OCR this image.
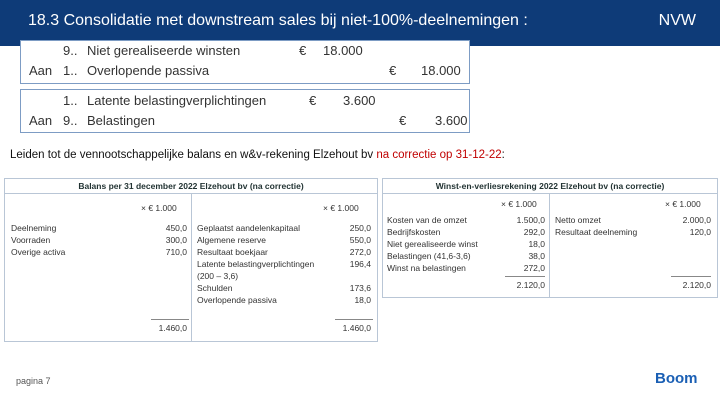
18.3 Consolidatie met downstream sales bij niet-100%-deelnemingen :	NVW
9.. Niet gerealiseerde winsten	€ 18.000
Aan 1.. Overlopende passiva	€ 18.000
1.. Latente belastingverplichtingen	€ 3.600
Aan 9.. Belastingen	€ 3.600
Leiden tot de vennootschappelijke balans en w&v-rekening Elzehout bv na correctie op 31-12-22:
Balans per 31 december 2022 Elzehout bv (na correctie)
× € 1.000	× € 1.000
Deelneming	450,0
Voorraden	300,0
Overige activa	710,0
Geplaatst aandelenkapitaal	250,0
Algemene reserve	550,0
Resultaat boekjaar	272,0
Latente belastingverplichtingen	196,4
(200 – 3,6)
Schulden	173,6
Overlopende passiva	18,0
1.460,0	1.460,0
Winst-en-verliesrekening 2022 Elzehout bv (na correctie)
× € 1.000	× € 1.000
Kosten van de omzet	1.500,0
Bedrijfskosten	292,0
Niet gerealiseerde winst	18,0
Belastingen (41,6-3,6)	38,0
Winst na belastingen	272,0
Netto omzet	2.000,0
Resultaat deelneming	120,0
2.120,0	2.120,0
pagina 7	Boom
